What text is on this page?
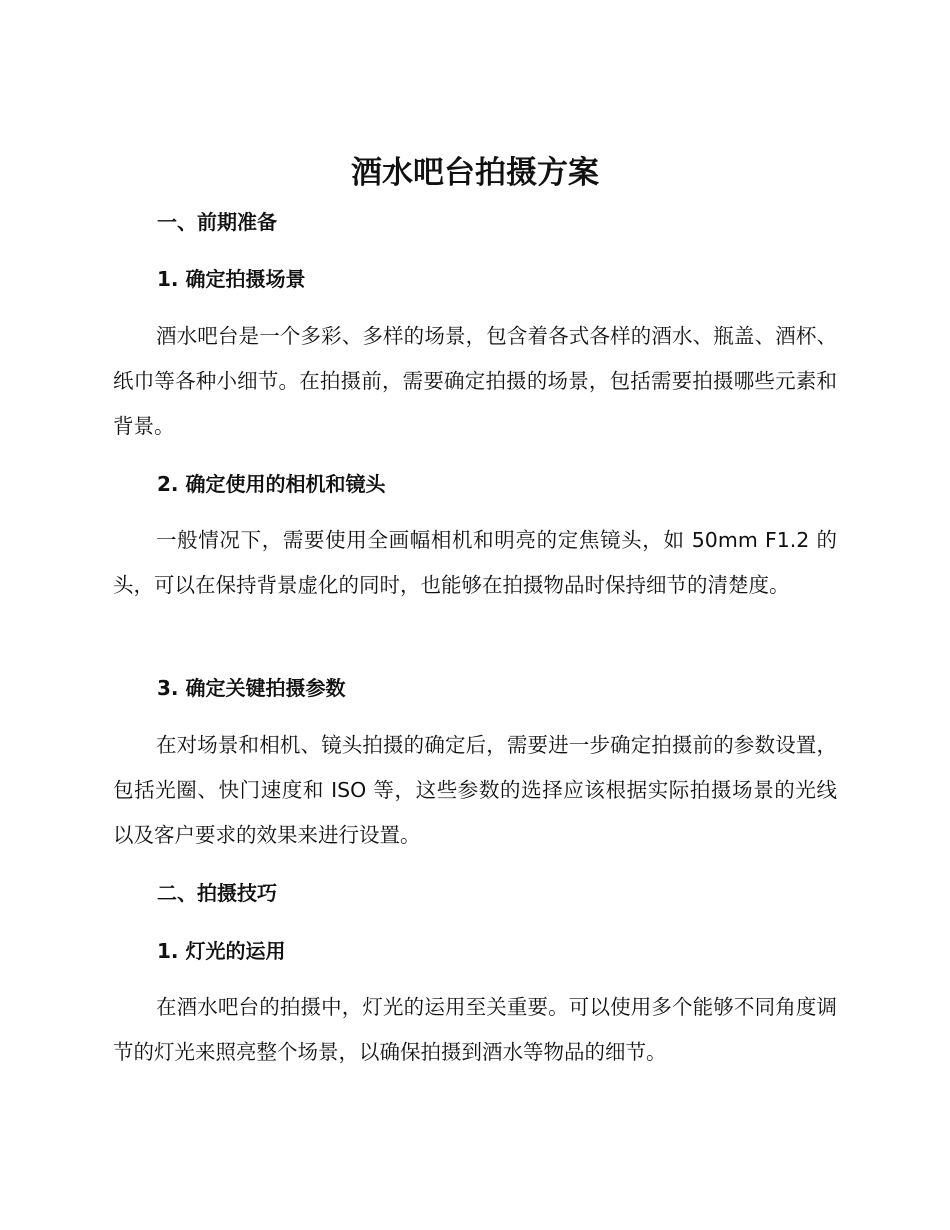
酒水吧台拍摄方案
一、前期准备
1. 确定拍摄场景

酒水吧台是一个多彩、多样的场景，包含着各式各样的酒水、瓶盖、酒杯、纸巾等各种小细节。在拍摄前，需要确定拍摄的场景，包括需要拍摄哪些元素和背景。

2. 确定使用的相机和镜头

一般情况下，需要使用全画幅相机和明亮的定焦镜头，如 50mm F1.2 的头，可以在保持背景虚化的同时，也能够在拍摄物品时保持细节的清楚度。

3. 确定关键拍摄参数

在对场景和相机、镜头拍摄的确定后，需要进一步确定拍摄前的参数设置，包括光圈、快门速度和 ISO 等，这些参数的选择应该根据实际拍摄场景的光线以及客户要求的效果来进行设置。

二、拍摄技巧
1. 灯光的运用

在酒水吧台的拍摄中，灯光的运用至关重要。可以使用多个能够不同角度调节的灯光来照亮整个场景，以确保拍摄到酒水等物品的细节。
